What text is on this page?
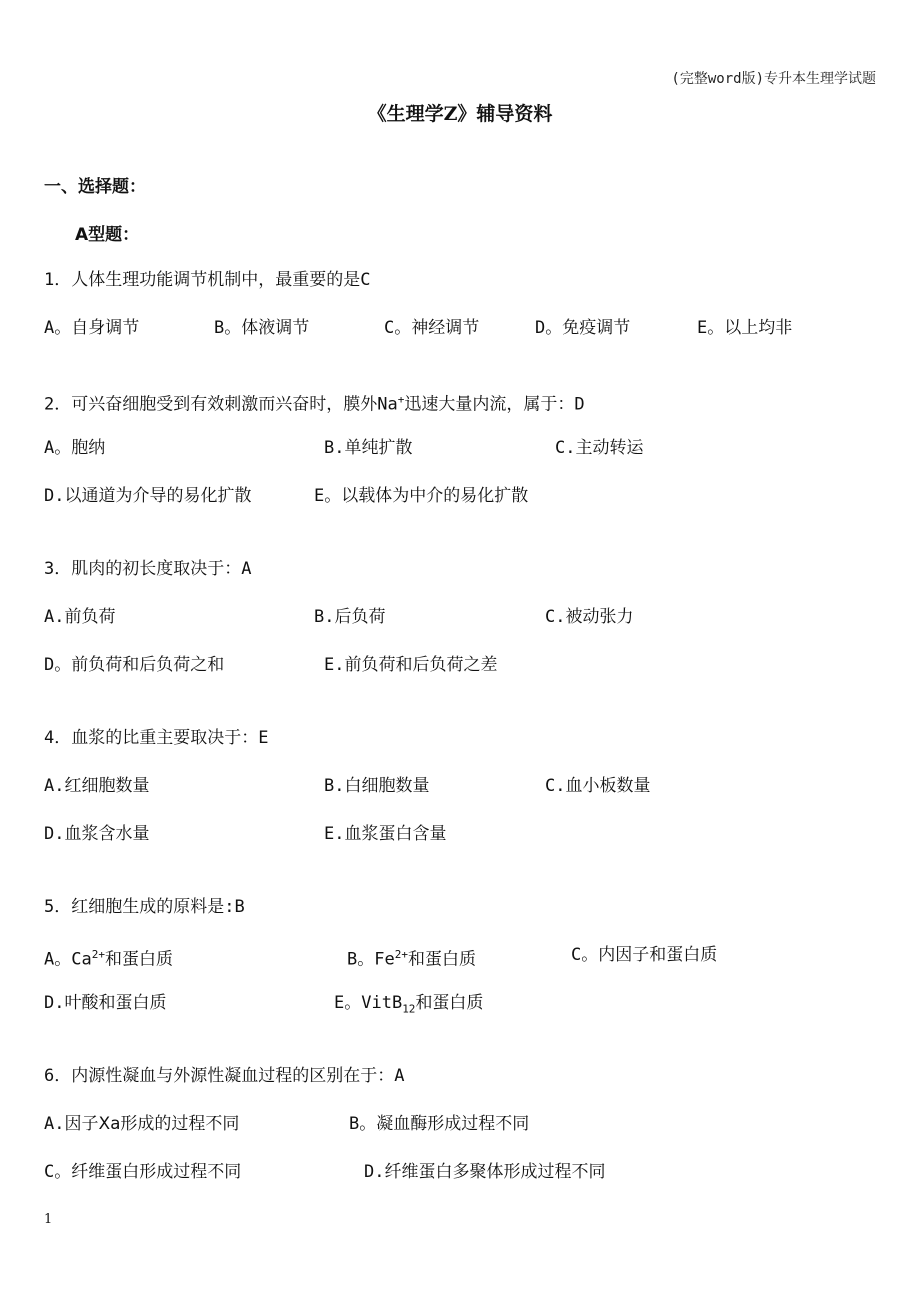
(完整word版)专升本生理学试题
《生理学Z》辅导资料
一、选择题：
A型题：
1．人体生理功能调节机制中，最重要的是C
A。自身调节	B。体液调节	C。神经调节	D。免疫调节	E。以上均非
2．可兴奋细胞受到有效刺激而兴奋时，膜外Na+迅速大量内流，属于：D
A。胞纳	B.单纯扩散	C.主动转运
D.以通道为介导的易化扩散	E。以载体为中介的易化扩散
3．肌肉的初长度取决于：A
A.前负荷	B.后负荷	C.被动张力
D。前负荷和后负荷之和	E.前负荷和后负荷之差
4．血浆的比重主要取决于：E
A.红细胞数量	B.白细胞数量	C.血小板数量
D.血浆含水量	E.血浆蛋白含量
5．红细胞生成的原料是:B
A。$Ca^{2+}$和蛋白质	B。$Fe^{2+}$和蛋白质	C。内因子和蛋白质
D.叶酸和蛋白质	E。VitB$_{12}$和蛋白质
6．内源性凝血与外源性凝血过程的区别在于：A
A.因子Ⅹa形成的过程不同	B。凝血酶形成过程不同
C。纤维蛋白形成过程不同	D.纤维蛋白多聚体形成过程不同
1
